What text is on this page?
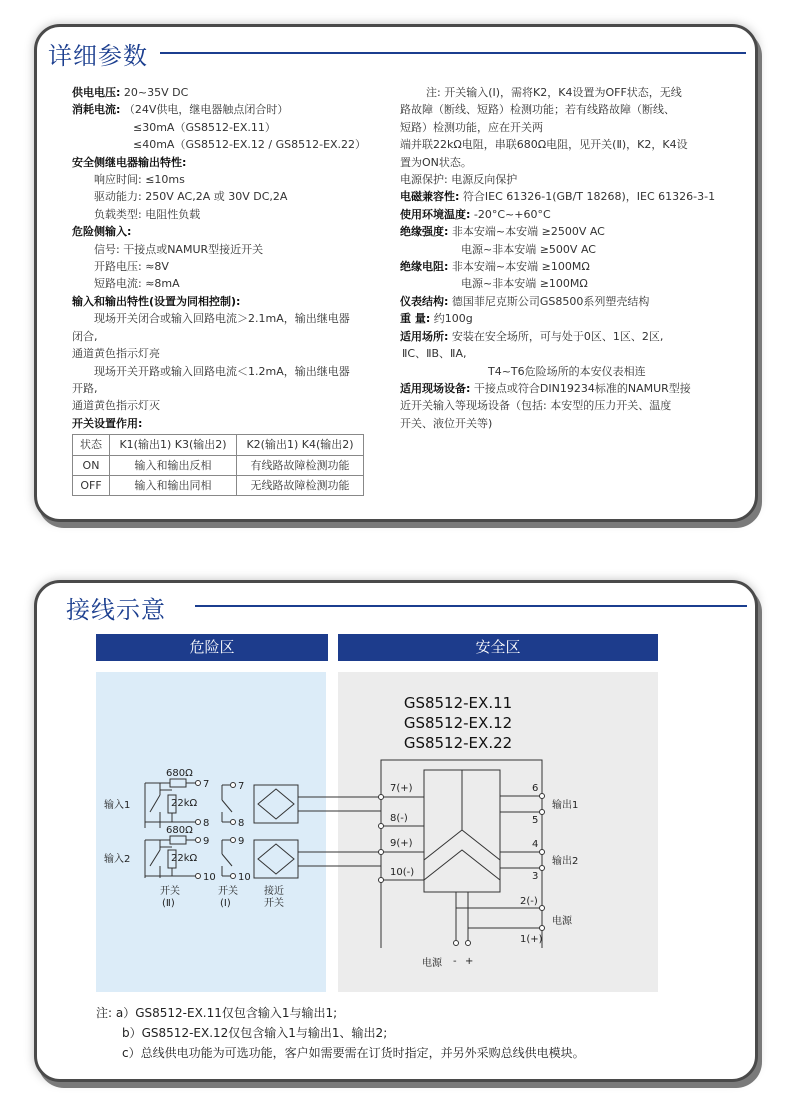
详细参数
供电电压: 20~35V DC
消耗电流: （24V供电，继电器触点闭合时）
≤30mA（GS8512-EX.11）
≤40mA（GS8512-EX.12 / GS8512-EX.22）
安全侧继电器输出特性:
响应时间: ≤10ms
驱动能力: 250V AC,2A 或 30V DC,2A
负载类型: 电阻性负载
危险侧输入:
信号: 干接点或NAMUR型接近开关
开路电压: ≈8V
短路电流: ≈8mA
输入和输出特性(设置为同相控制):
现场开关闭合或输入回路电流＞2.1mA，输出继电器
闭合,
通道黄色指示灯亮
现场开关开路或输入回路电流＜1.2mA，输出继电器
开路,
通道黄色指示灯灭
开关设置作用:
状态	K1(输出1) K3(输出2)	K2(输出1) K4(输出2)
ON	输入和输出反相	有线路故障检测功能
OFF	输入和输出同相	无线路故障检测功能
注: 开关输入(Ⅰ)，需将K2，K4设置为OFF状态，无线
路故障（断线、短路）检测功能；若有线路故障（断线、
短路）检测功能，应在开关两
端并联22kΩ电阻，串联680Ω电阻，见开关(Ⅱ)，K2，K4设
置为ON状态。
电源保护: 电源反向保护
电磁兼容性: 符合IEC 61326-1(GB/T 18268)，IEC 61326-3-1
使用环境温度: -20°C~+60°C
绝缘强度: 非本安端~本安端 ≥2500V AC
电源~非本安端 ≥500V AC
绝缘电阻: 非本安端~本安端 ≥100MΩ
电源~非本安端 ≥100MΩ
仪表结构: 德国菲尼克斯公司GS8500系列塑壳结构
重 量: 约100g
适用场所: 安装在安全场所，可与处于0区、1区、2区,
ⅡC、ⅡB、ⅡA,
T4~T6危险场所的本安仪表相连
适用现场设备: 干接点或符合DIN19234标准的NAMUR型接
近开关输入等现场设备（包括: 本安型的压力开关、温度
开关、液位开关等)
接线示意
危险区	安全区
GS8512-EX.11
GS8512-EX.12
GS8512-EX.22
输入1
输入2
680Ω
680Ω
22kΩ
22kΩ
7
8
9
10
7
8
9
10
开关
(Ⅱ)
开关
(Ⅰ)
接近
开关
7(+)
8(-)
9(+)
10(-)
6
5
4
3
输出1
输出2
2(-)
1(+)
电源
电源 - +
注: a）GS8512-EX.11仅包含输入1与输出1;
b）GS8512-EX.12仅包含输入1与输出1、输出2;
c）总线供电功能为可选功能，客户如需要需在订货时指定，并另外采购总线供电模块。
